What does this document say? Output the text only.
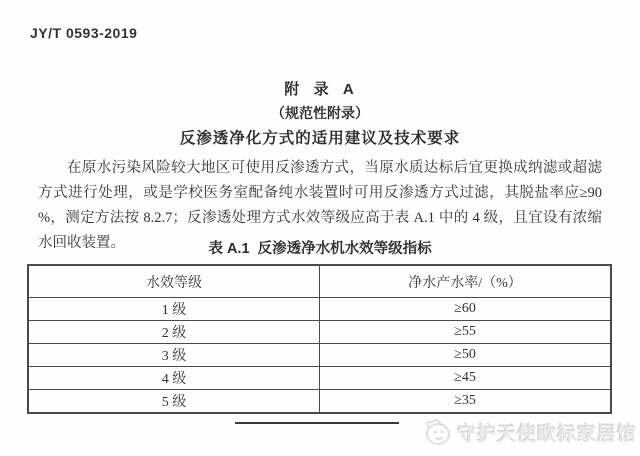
JY/T 0593-2019
附  录  A
（规范性附录）
反渗透净化方式的适用建议及技术要求
在原水污染风险较大地区可使用反渗透方式，当原水质达标后宜更换成纳滤或超滤方式进行处理，或是学校医务室配备纯水装置时可用反渗透方式过滤，其脱盐率应≥90 %，测定方法按 8.2.7；反渗透处理方式水效等级应高于表 A.1 中的 4 级，且宜设有浓缩水回收装置。	表 A.1  反渗透净水机水效等级指标
水效等级	净水产水率/（%）
1 级	≥60
2 级	≥55
3 级	≥50
4 级	≥45
5 级	≥35
守护天使欧标家居馆
